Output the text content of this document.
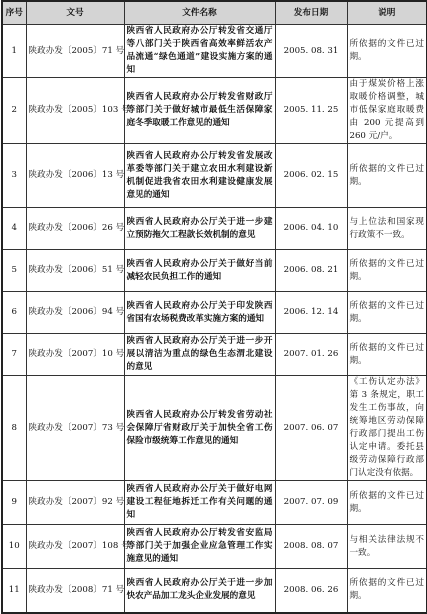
序号	文号	文件名称	发布日期	说明
1	陕政办发〔2005〕71 号	陕西省人民政府办公厅转发省交通厅等八部门关于陕西省高效率鲜活农产品流通“绿色通道”建设实施方案的通知	2005. 08. 31	所依据的文件已过期。
2	陕政办发〔2005〕103 号	陕西省人民政府办公厅转发省财政厅等部门关于做好城市最低生活保障家庭冬季取暖工作意见的通知	2005. 11. 25	由于煤炭价格上涨取暖价格调整，城市低保家庭取暖费由 200 元提高到 260 元/户。
3	陕政办发〔2006〕13 号	陕西省人民政府办公厅转发省发展改革委等部门关于建立农田水利建设新机制促进我省农田水利建设健康发展意见的通知	2006. 02. 15	所依据的文件已过期。
4	陕政办发〔2006〕26 号	陕西省人民政府办公厅关于进一步建立预防拖欠工程款长效机制的意见	2006. 04. 10	与上位法和国家现行政策不一致。
5	陕政办发〔2006〕51 号	陕西省人民政府办公厅关于做好当前减轻农民负担工作的通知	2006. 08. 21	所依据的文件已过期。
6	陕政办发〔2006〕94 号	陕西省人民政府办公厅关于印发陕西省国有农场税费改革实施方案的通知	2006. 12. 14	所依据的文件已过期。
7	陕政办发〔2007〕10 号	陕西省人民政府办公厅关于进一步开展以清洁为重点的绿色生态渭北建设的意见	2007. 01. 26	所依据的文件已过期。
8	陕政办发〔2007〕73 号	陕西省人民政府办公厅转发省劳动社会保障厅省财政厅关于加快全省工伤保险市级统筹工作意见的通知	2007. 06. 07	《工伤认定办法》第 3 条规定，职工发生工伤事故，向统筹地区劳动保障行政部门提出工伤认定申请。委托县级劳动保障行政部门认定没有依据。
9	陕政办发〔2007〕92 号	陕西省人民政府办公厅关于做好电网建设工程征地拆迁工作有关问题的通知	2007. 07. 09	所依据的文件已过期。
10	陕政办发〔2007〕108 号	陕西省人民政府办公厅转发省安监局等部门关于加强企业应急管理工作实施意见的通知	2008. 08. 07	与相关法律法规不一致。
11	陕政办发〔2008〕71 号	陕西省人民政府办公厅关于进一步加快农产品加工龙头企业发展的意见	2008. 06. 26	所依据的文件已过期。
